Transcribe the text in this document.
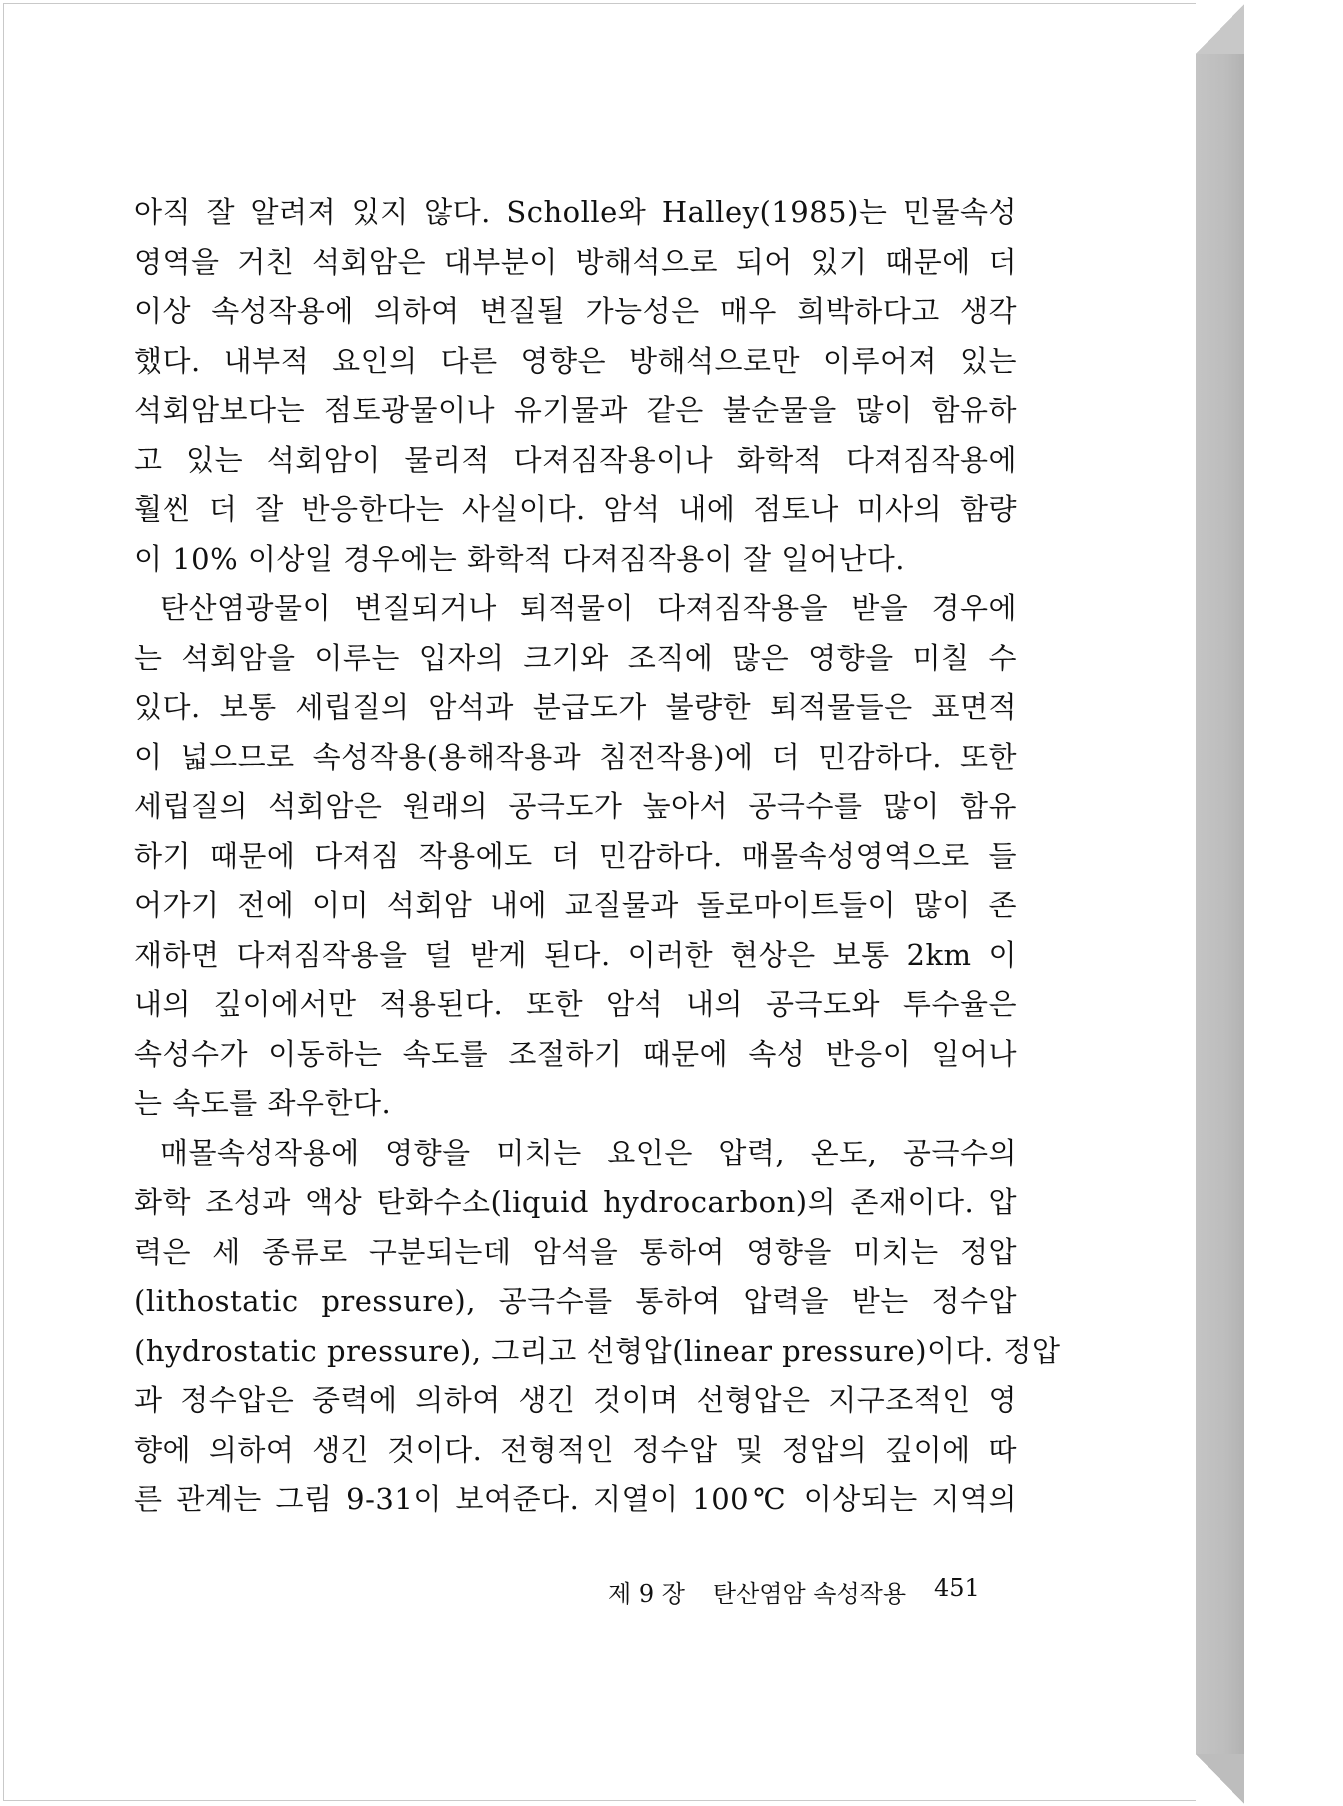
아직 잘 알려져 있지 않다. Scholle와 Halley(1985)는 민물속성
영역을 거친 석회암은 대부분이 방해석으로 되어 있기 때문에 더
이상 속성작용에 의하여 변질될 가능성은 매우 희박하다고 생각
했다. 내부적 요인의 다른 영향은 방해석으로만 이루어져 있는
석회암보다는 점토광물이나 유기물과 같은 불순물을 많이 함유하
고 있는 석회암이 물리적 다져짐작용이나 화학적 다져짐작용에
훨씬 더 잘 반응한다는 사실이다. 암석 내에 점토나 미사의 함량
이 10% 이상일 경우에는 화학적 다져짐작용이 잘 일어난다.
탄산염광물이 변질되거나 퇴적물이 다져짐작용을 받을 경우에
는 석회암을 이루는 입자의 크기와 조직에 많은 영향을 미칠 수
있다. 보통 세립질의 암석과 분급도가 불량한 퇴적물들은 표면적
이 넓으므로 속성작용(용해작용과 침전작용)에 더 민감하다. 또한
세립질의 석회암은 원래의 공극도가 높아서 공극수를 많이 함유
하기 때문에 다져짐 작용에도 더 민감하다. 매몰속성영역으로 들
어가기 전에 이미 석회암 내에 교질물과 돌로마이트들이 많이 존
재하면 다져짐작용을 덜 받게 된다. 이러한 현상은 보통 2km 이
내의 깊이에서만 적용된다. 또한 암석 내의 공극도와 투수율은
속성수가 이동하는 속도를 조절하기 때문에 속성 반응이 일어나
는 속도를 좌우한다.
매몰속성작용에 영향을 미치는 요인은 압력, 온도, 공극수의
화학 조성과 액상 탄화수소(liquid hydrocarbon)의 존재이다. 압
력은 세 종류로 구분되는데 암석을 통하여 영향을 미치는 정압
(lithostatic pressure), 공극수를 통하여 압력을 받는 정수압
(hydrostatic pressure), 그리고 선형압(linear pressure)이다. 정압
과 정수압은 중력에 의하여 생긴 것이며 선형압은 지구조적인 영
향에 의하여 생긴 것이다. 전형적인 정수압 및 정압의 깊이에 따
른 관계는 그림 9-31이 보여준다. 지열이 100℃ 이상되는 지역의
제 9 장 탄산염암 속성작용 451
